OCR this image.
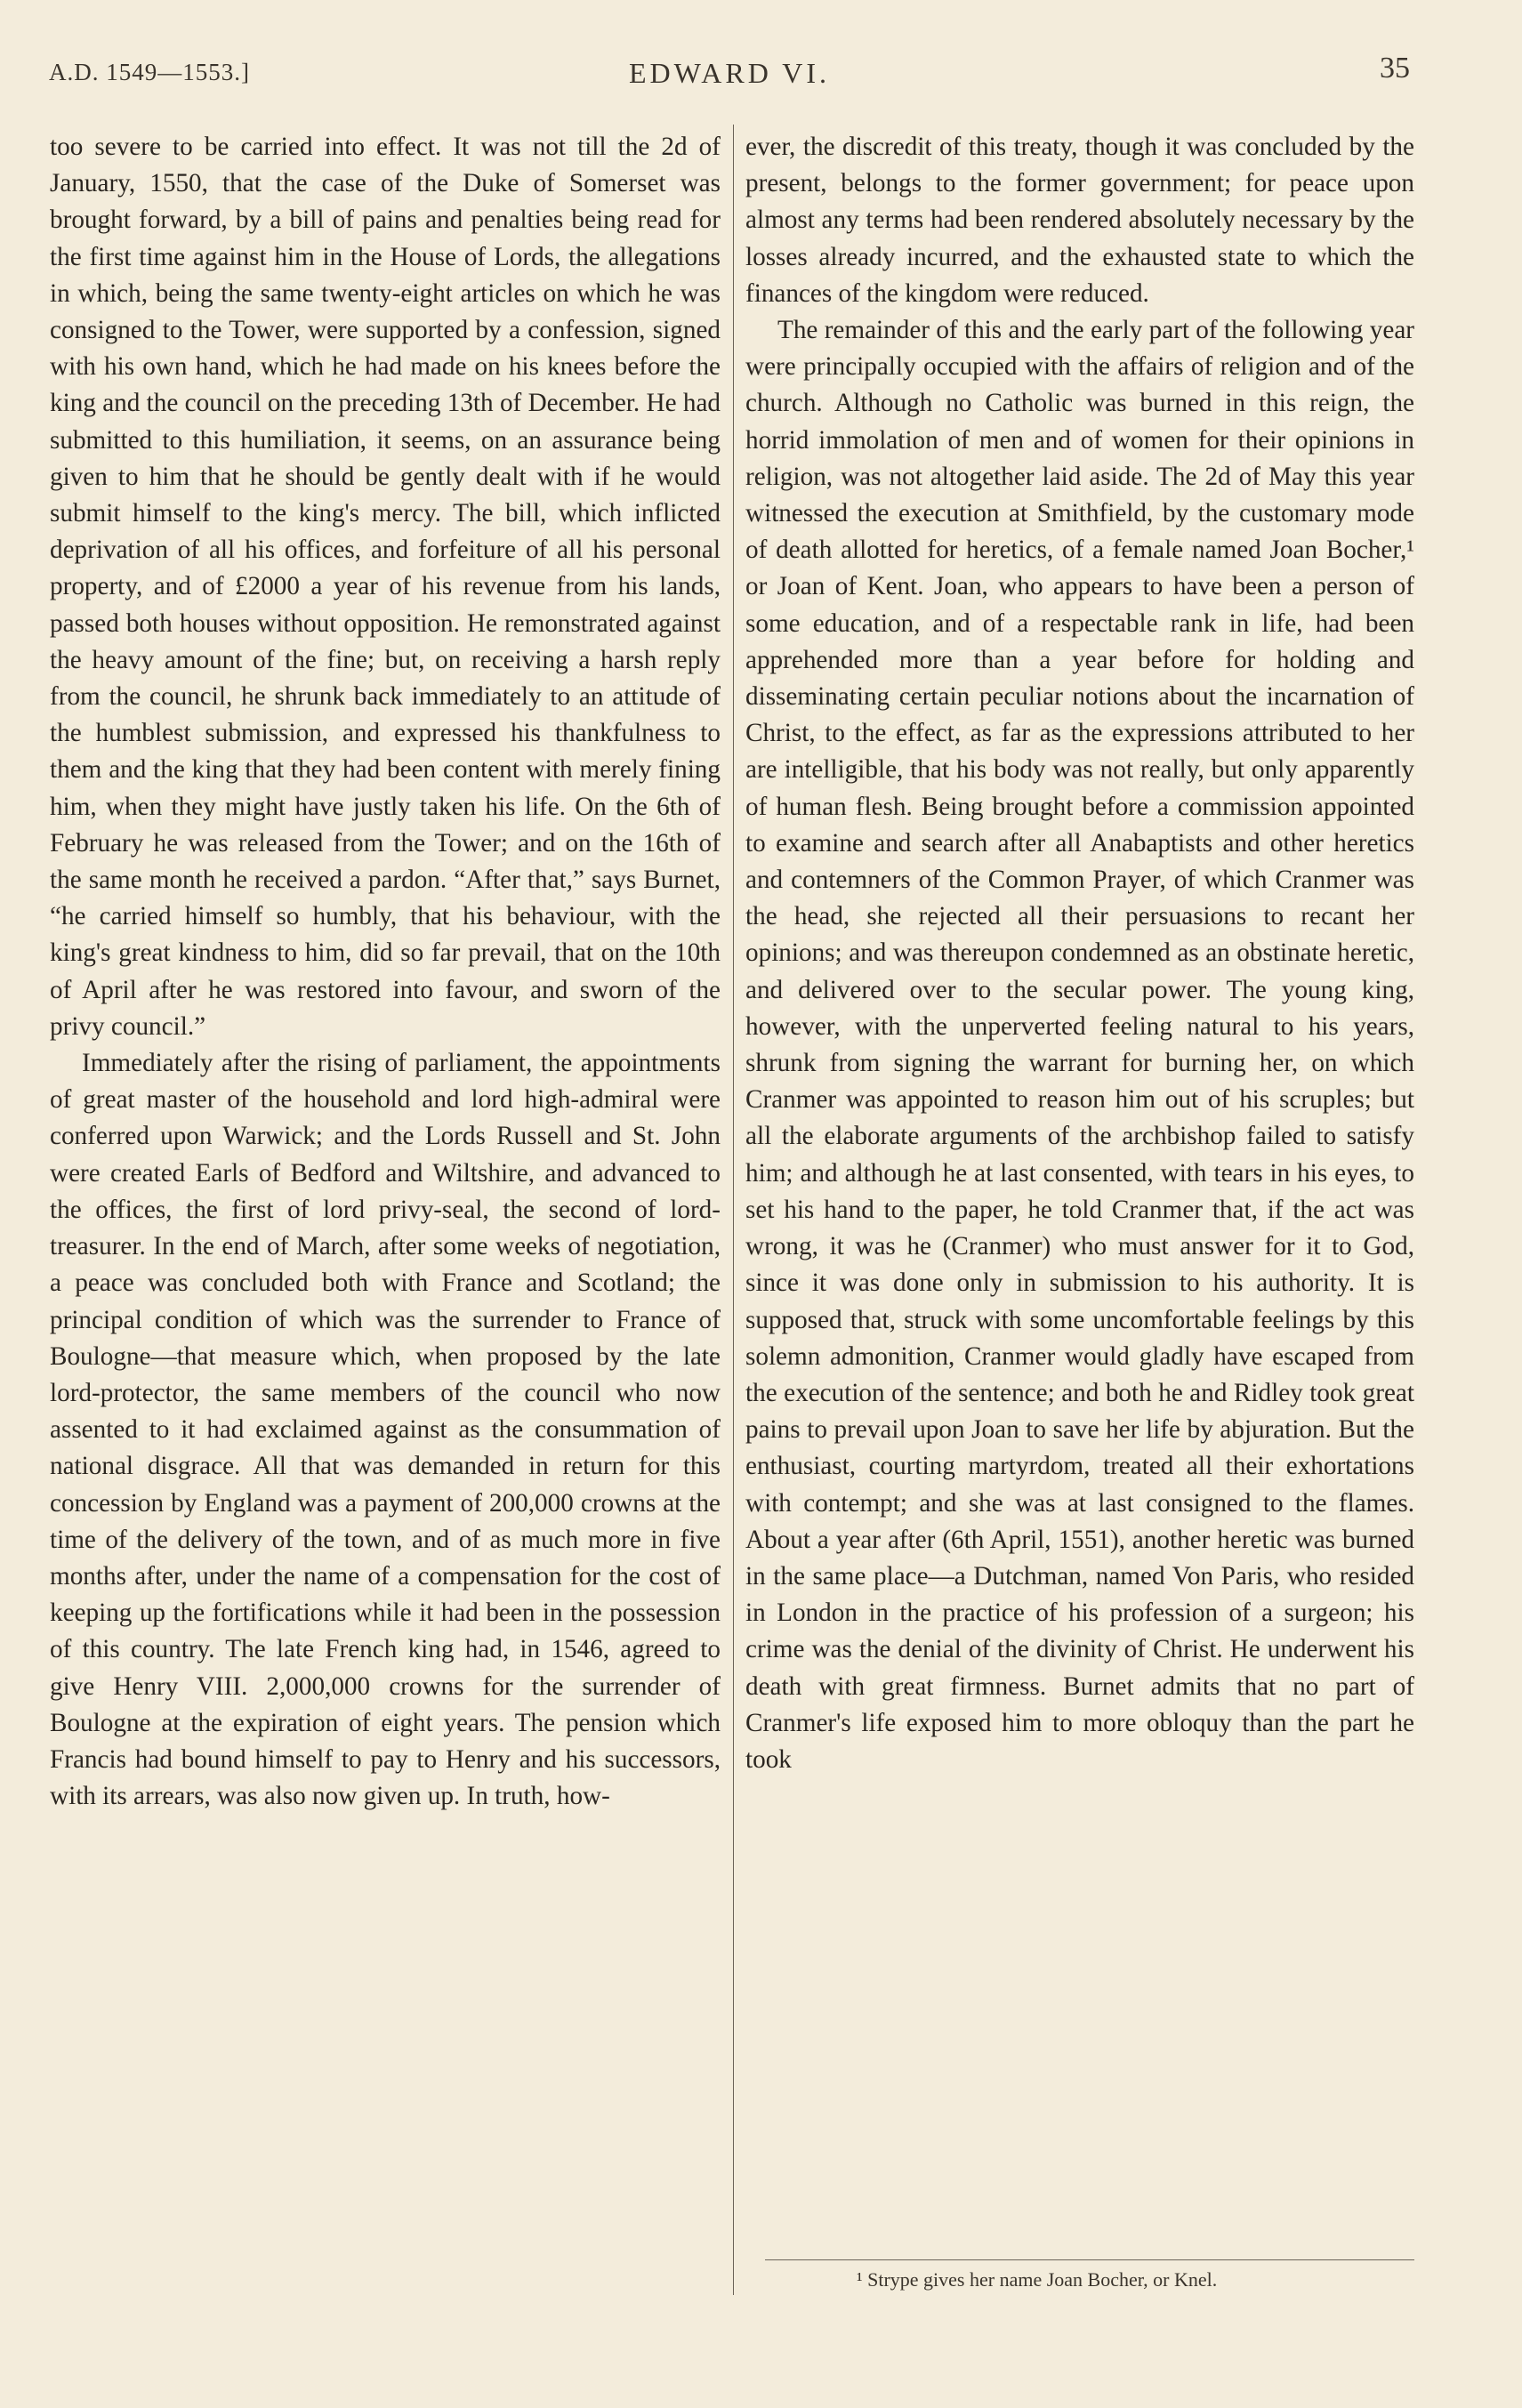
A.D. 1549—1553.]	EDWARD VI.	35

too severe to be carried into effect. It was not till the 2d of January, 1550, that the case of the Duke of Somerset was brought forward, by a bill of pains and penalties being read for the first time against him in the House of Lords, the allegations in which, being the same twenty-eight articles on which he was consigned to the Tower, were supported by a confession, signed with his own hand, which he had made on his knees before the king and the council on the preceding 13th of December. He had submitted to this humiliation, it seems, on an assurance being given to him that he should be gently dealt with if he would submit himself to the king's mercy. The bill, which inflicted deprivation of all his offices, and forfeiture of all his personal property, and of £2000 a year of his revenue from his lands, passed both houses without opposition. He remonstrated against the heavy amount of the fine; but, on receiving a harsh reply from the council, he shrunk back immediately to an attitude of the humblest submission, and expressed his thankfulness to them and the king that they had been content with merely fining him, when they might have justly taken his life. On the 6th of February he was released from the Tower; and on the 16th of the same month he received a pardon. “After that,” says Burnet, “he carried himself so humbly, that his behaviour, with the king's great kindness to him, did so far prevail, that on the 10th of April after he was restored into favour, and sworn of the privy council.”

Immediately after the rising of parliament, the appointments of great master of the household and lord high-admiral were conferred upon Warwick; and the Lords Russell and St. John were created Earls of Bedford and Wiltshire, and advanced to the offices, the first of lord privy-seal, the second of lord-treasurer. In the end of March, after some weeks of negotiation, a peace was concluded both with France and Scotland; the principal condition of which was the surrender to France of Boulogne—that measure which, when proposed by the late lord-protector, the same members of the council who now assented to it had exclaimed against as the consummation of national disgrace. All that was demanded in return for this concession by England was a payment of 200,000 crowns at the time of the delivery of the town, and of as much more in five months after, under the name of a compensation for the cost of keeping up the fortifications while it had been in the possession of this country. The late French king had, in 1546, agreed to give Henry VIII. 2,000,000 crowns for the surrender of Boulogne at the expiration of eight years. The pension which Francis had bound himself to pay to Henry and his successors, with its arrears, was also now given up. In truth, how-

ever, the discredit of this treaty, though it was concluded by the present, belongs to the former government; for peace upon almost any terms had been rendered absolutely necessary by the losses already incurred, and the exhausted state to which the finances of the kingdom were reduced.

The remainder of this and the early part of the following year were principally occupied with the affairs of religion and of the church. Although no Catholic was burned in this reign, the horrid immolation of men and of women for their opinions in religion, was not altogether laid aside. The 2d of May this year witnessed the execution at Smithfield, by the customary mode of death allotted for heretics, of a female named Joan Bocher,¹ or Joan of Kent. Joan, who appears to have been a person of some education, and of a respectable rank in life, had been apprehended more than a year before for holding and disseminating certain peculiar notions about the incarnation of Christ, to the effect, as far as the expressions attributed to her are intelligible, that his body was not really, but only apparently of human flesh. Being brought before a commission appointed to examine and search after all Anabaptists and other heretics and contemners of the Common Prayer, of which Cranmer was the head, she rejected all their persuasions to recant her opinions; and was thereupon condemned as an obstinate heretic, and delivered over to the secular power. The young king, however, with the unperverted feeling natural to his years, shrunk from signing the warrant for burning her, on which Cranmer was appointed to reason him out of his scruples; but all the elaborate arguments of the archbishop failed to satisfy him; and although he at last consented, with tears in his eyes, to set his hand to the paper, he told Cranmer that, if the act was wrong, it was he (Cranmer) who must answer for it to God, since it was done only in submission to his authority. It is supposed that, struck with some uncomfortable feelings by this solemn admonition, Cranmer would gladly have escaped from the execution of the sentence; and both he and Ridley took great pains to prevail upon Joan to save her life by abjuration. But the enthusiast, courting martyrdom, treated all their exhortations with contempt; and she was at last consigned to the flames. About a year after (6th April, 1551), another heretic was burned in the same place—a Dutchman, named Von Paris, who resided in London in the practice of his profession of a surgeon; his crime was the denial of the divinity of Christ. He underwent his death with great firmness. Burnet admits that no part of Cranmer's life exposed him to more obloquy than the part he took

¹ Strype gives her name Joan Bocher, or Knel.
